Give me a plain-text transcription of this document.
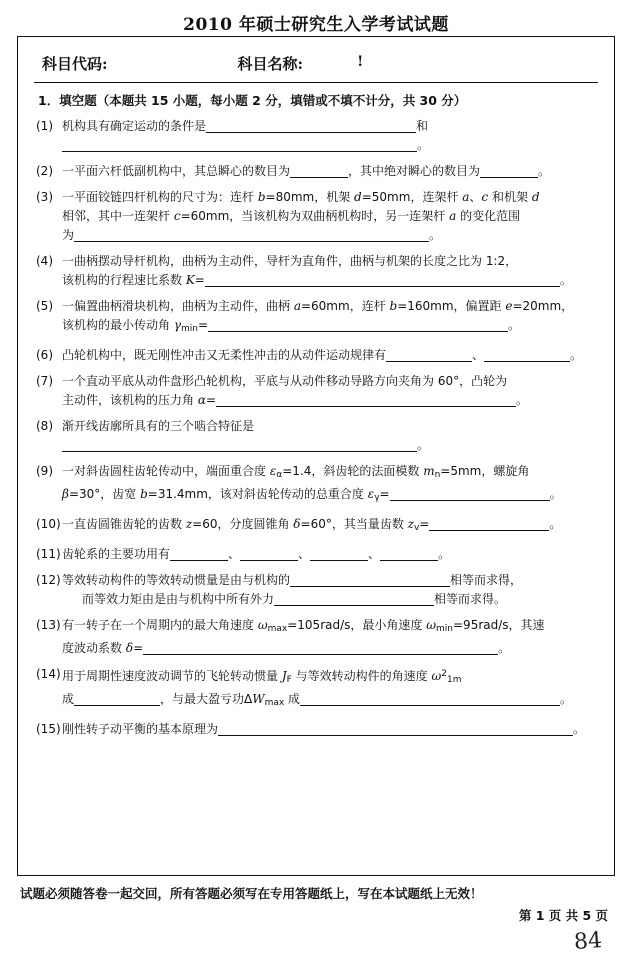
2010 年硕士研究生入学考试试题
科目代码:	科目名称:	!
1．填空题（本题共 15 小题，每小题 2 分，填错或不填不计分，共 30 分）
(1) 机构具有确定运动的条件是	和。
(2) 一平面六杆低副机构中，其总瞬心的数目为	，其中绝对瞬心的数目为	。
(3) 一平面铰链四杆机构的尺寸为：连杆 b=80mm，机架 d=50mm，连架杆 a、c 和机架 d
相邻，其中一连架杆 c=60mm，当该机构为双曲柄机构时，另一连架杆 a 的变化范围
为	。
(4) 一曲柄摆动导杆机构，曲柄为主动件，导杆为直角件，曲柄与机架的长度之比为 1:2，
该机构的行程速比系数 K=	。
(5) 一偏置曲柄滑块机构，曲柄为主动件，曲柄 a=60mm，连杆 b=160mm，偏置距 e=20mm，
该机构的最小传动角 $\gamma_{min}=$	。
(6) 凸轮机构中，既无刚性冲击又无柔性冲击的从动件运动规律有	、	。
(7) 一个直动平底从动件盘形凸轮机构，平底与从动件移动导路方向夹角为 60°，凸轮为
主动件，该机构的压力角 α=	。
(8) 渐开线齿廓所具有的三个啮合特征是。
(9) 一对斜齿圆柱齿轮传动中，端面重合度 $\varepsilon_\alpha=1.4$，斜齿轮的法面模数 $m_n=5mm$，螺旋角
β=30°，齿宽 b=31.4mm，该对斜齿轮传动的总重合度 $\varepsilon_\gamma=$	。
(10) 一直齿圆锥齿轮的齿数 z=60，分度圆锥角 δ=60°，其当量齿数 $z_v=$	。
(11) 齿轮系的主要功用有	、	、	、	。
(12) 等效转动构件的等效转动惯量是由与机构的	相等而求得，
而等效力矩由是由与机构中所有外力	相等而求得。
(13) 有一转子在一个周期内的最大角速度 $\omega_{max}=105rad/s$，最小角速度 $\omega_{min}=95rad/s$，其速
度波动系数 δ=	。
(14) 用于周期性速度波动调节的飞轮转动惯量 $J_F$ 与等效转动构件的角速度 $\omega^2_{1m}$
成	，与最大盈亏功$\Delta W_{max}$ 成	。
(15) 刚性转子动平衡的基本原理为	。
试题必须随答卷一起交回，所有答题必须写在专用答题纸上，写在本试题纸上无效！
第 1 页 共 5 页
84
